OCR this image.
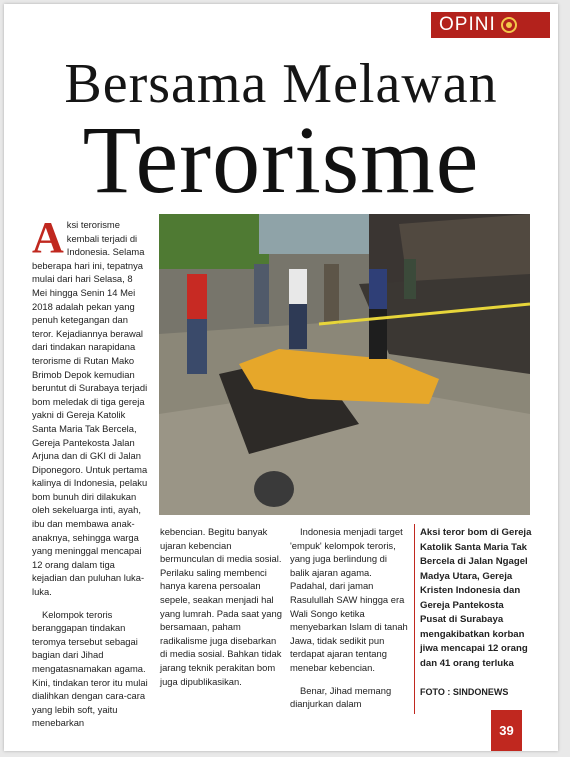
OPINI
Bersama Melawan
Terorisme
A ksi terorisme kembali terjadi di Indonesia. Selama beberapa hari ini, tepatnya mulai dari hari Selasa, 8 Mei hingga Senin 14 Mei 2018 adalah pekan yang penuh ketegangan dan teror. Kejadiannya berawal dari tindakan narapidana terorisme di Rutan Mako Brimob Depok kemudian beruntut di Surabaya terjadi bom meledak di tiga gereja yakni di Gereja Katolik Santa Maria Tak Bercela, Gereja Pantekosta Jalan Arjuna dan di GKI di Jalan Diponegoro. Untuk pertama kalinya di Indonesia, pelaku bom bunuh diri dilakukan oleh sekeluarga inti, ayah, ibu dan membawa anak-anaknya, sehingga warga yang meninggal mencapai 12 orang dalam tiga kejadian dan puluhan luka-luka.

Kelompok teroris beranggapan tindakan teromya tersebut sebagai bagian dari Jihad mengatasnamakan agama. Kini, tindakan teror itu mulai dialihkan dengan cara-cara yang lebih soft, yaitu menebarkan

kebencian. Begitu banyak ujaran kebencian bermunculan di media sosial. Perilaku saling membenci hanya karena persoalan sepele, seakan menjadi hal yang lumrah. Pada saat yang bersamaan, paham radikalisme juga disebarkan di media sosial. Bahkan tidak jarang teknik perakitan bom juga dipublikasikan.

Indonesia menjadi target 'empuk' kelompok teroris, yang juga berlindung di balik ajaran agama. Padahal, dari jaman Rasulullah SAW hingga era Wali Songo ketika menyebarkan Islam di tanah Jawa, tidak sedikit pun terdapat ajaran tentang menebar kebencian.

Benar, Jihad memang dianjurkan dalam

Aksi teror bom di Gereja Katolik Santa Maria Tak Bercela di Jalan Ngagel Madya Utara, Gereja Kristen Indonesia dan Gereja Pantekosta Pusat di Surabaya mengakibatkan korban jiwa mencapai 12 orang dan 41 orang terluka
FOTO : SINDONEWS
39
